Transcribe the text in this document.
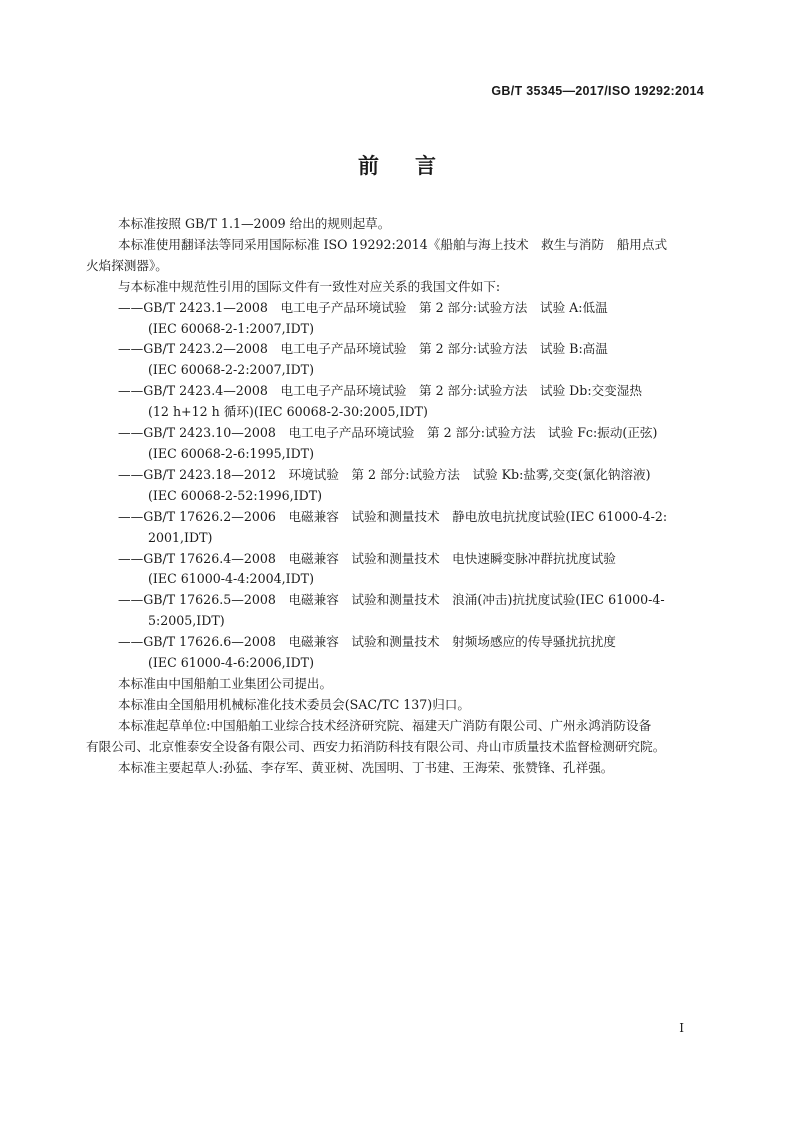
GB/T 35345—2017/ISO 19292:2014
前言
本标准按照 GB/T 1.1—2009 给出的规则起草。
本标准使用翻译法等同采用国际标准 ISO 19292:2014《船舶与海上技术　救生与消防　船用点式
火焰探测器》。
与本标准中规范性引用的国际文件有一致性对应关系的我国文件如下:
——GB/T 2423.1—2008　电工电子产品环境试验　第 2 部分:试验方法　试验 A:低温
(IEC 60068-2-1:2007,IDT)
——GB/T 2423.2—2008　电工电子产品环境试验　第 2 部分:试验方法　试验 B:高温
(IEC 60068-2-2:2007,IDT)
——GB/T 2423.4—2008　电工电子产品环境试验　第 2 部分:试验方法　试验 Db:交变湿热
(12 h+12 h 循环)(IEC 60068-2-30:2005,IDT)
——GB/T 2423.10—2008　电工电子产品环境试验　第 2 部分:试验方法　试验 Fc:振动(正弦)
(IEC 60068-2-6:1995,IDT)
——GB/T 2423.18—2012　环境试验　第 2 部分:试验方法　试验 Kb:盐雾,交变(氯化钠溶液)
(IEC 60068-2-52:1996,IDT)
——GB/T 17626.2—2006　电磁兼容　试验和测量技术　静电放电抗扰度试验(IEC 61000-4-2:
2001,IDT)
——GB/T 17626.4—2008　电磁兼容　试验和测量技术　电快速瞬变脉冲群抗扰度试验
(IEC 61000-4-4:2004,IDT)
——GB/T 17626.5—2008　电磁兼容　试验和测量技术　浪涌(冲击)抗扰度试验(IEC 61000-4-
5:2005,IDT)
——GB/T 17626.6—2008　电磁兼容　试验和测量技术　射频场感应的传导骚扰抗扰度
(IEC 61000-4-6:2006,IDT)
本标准由中国船舶工业集团公司提出。
本标准由全国船用机械标准化技术委员会(SAC/TC 137)归口。
本标准起草单位:中国船舶工业综合技术经济研究院、福建天广消防有限公司、广州永鸿消防设备
有限公司、北京惟泰安全设备有限公司、西安力拓消防科技有限公司、舟山市质量技术监督检测研究院。
本标准主要起草人:孙猛、李存军、黄亚树、冼国明、丁书建、王海荣、张赞锋、孔祥强。
I
